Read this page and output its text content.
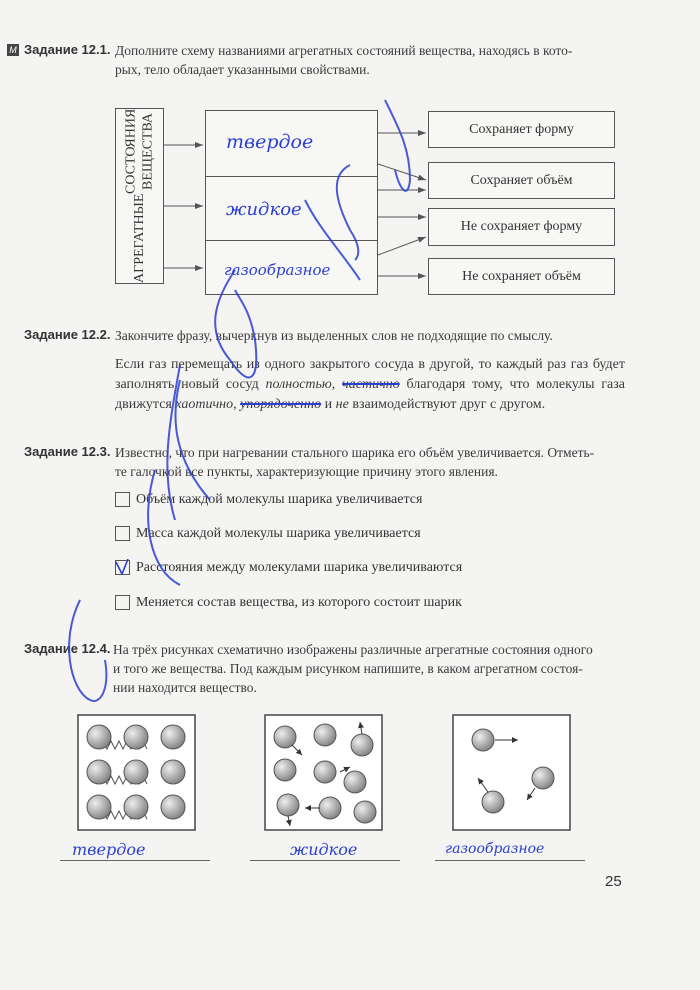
M Задание 12.1. Дополните схему названиями агрегатных состояний вещества, находясь в кото-
рых, тело обладает указанными свойствами.
АГРЕГАТНЫЕ
СОСТОЯНИЯ ВЕЩЕСТВА	твердое
жидкое
газообразное
Сохраняет форму
Сохраняет объём
Не сохраняет форму
Не сохраняет объём
Задание 12.2. Закончите фразу, вычеркнув из выделенных слов не подходящие по смыслу.
Если газ перемещать из одного закрытого сосуда в другой, то каждый раз газ будет заполнять новый сосуд полностью, частично благодаря тому, что молекулы газа движутся хаотично, упорядоченно и не взаимодействуют друг с другом.
Задание 12.3. Известно, что при нагревании стального шарика его объём увеличивается. Отметь-
те галочкой все пункты, характеризующие причину этого явления.
Объём каждой молекулы шарика увеличивается
Масса каждой молекулы шарика увеличивается
Расстояния между молекулами шарика увеличиваются
Меняется состав вещества, из которого состоит шарик
Задание 12.4. На трёх рисунках схематично изображены различные агрегатные состояния одного
и того же вещества. Под каждым рисунком напишите, в каком агрегатном состоя-
нии находится вещество.
твердое	жидкое	газообразное
25
